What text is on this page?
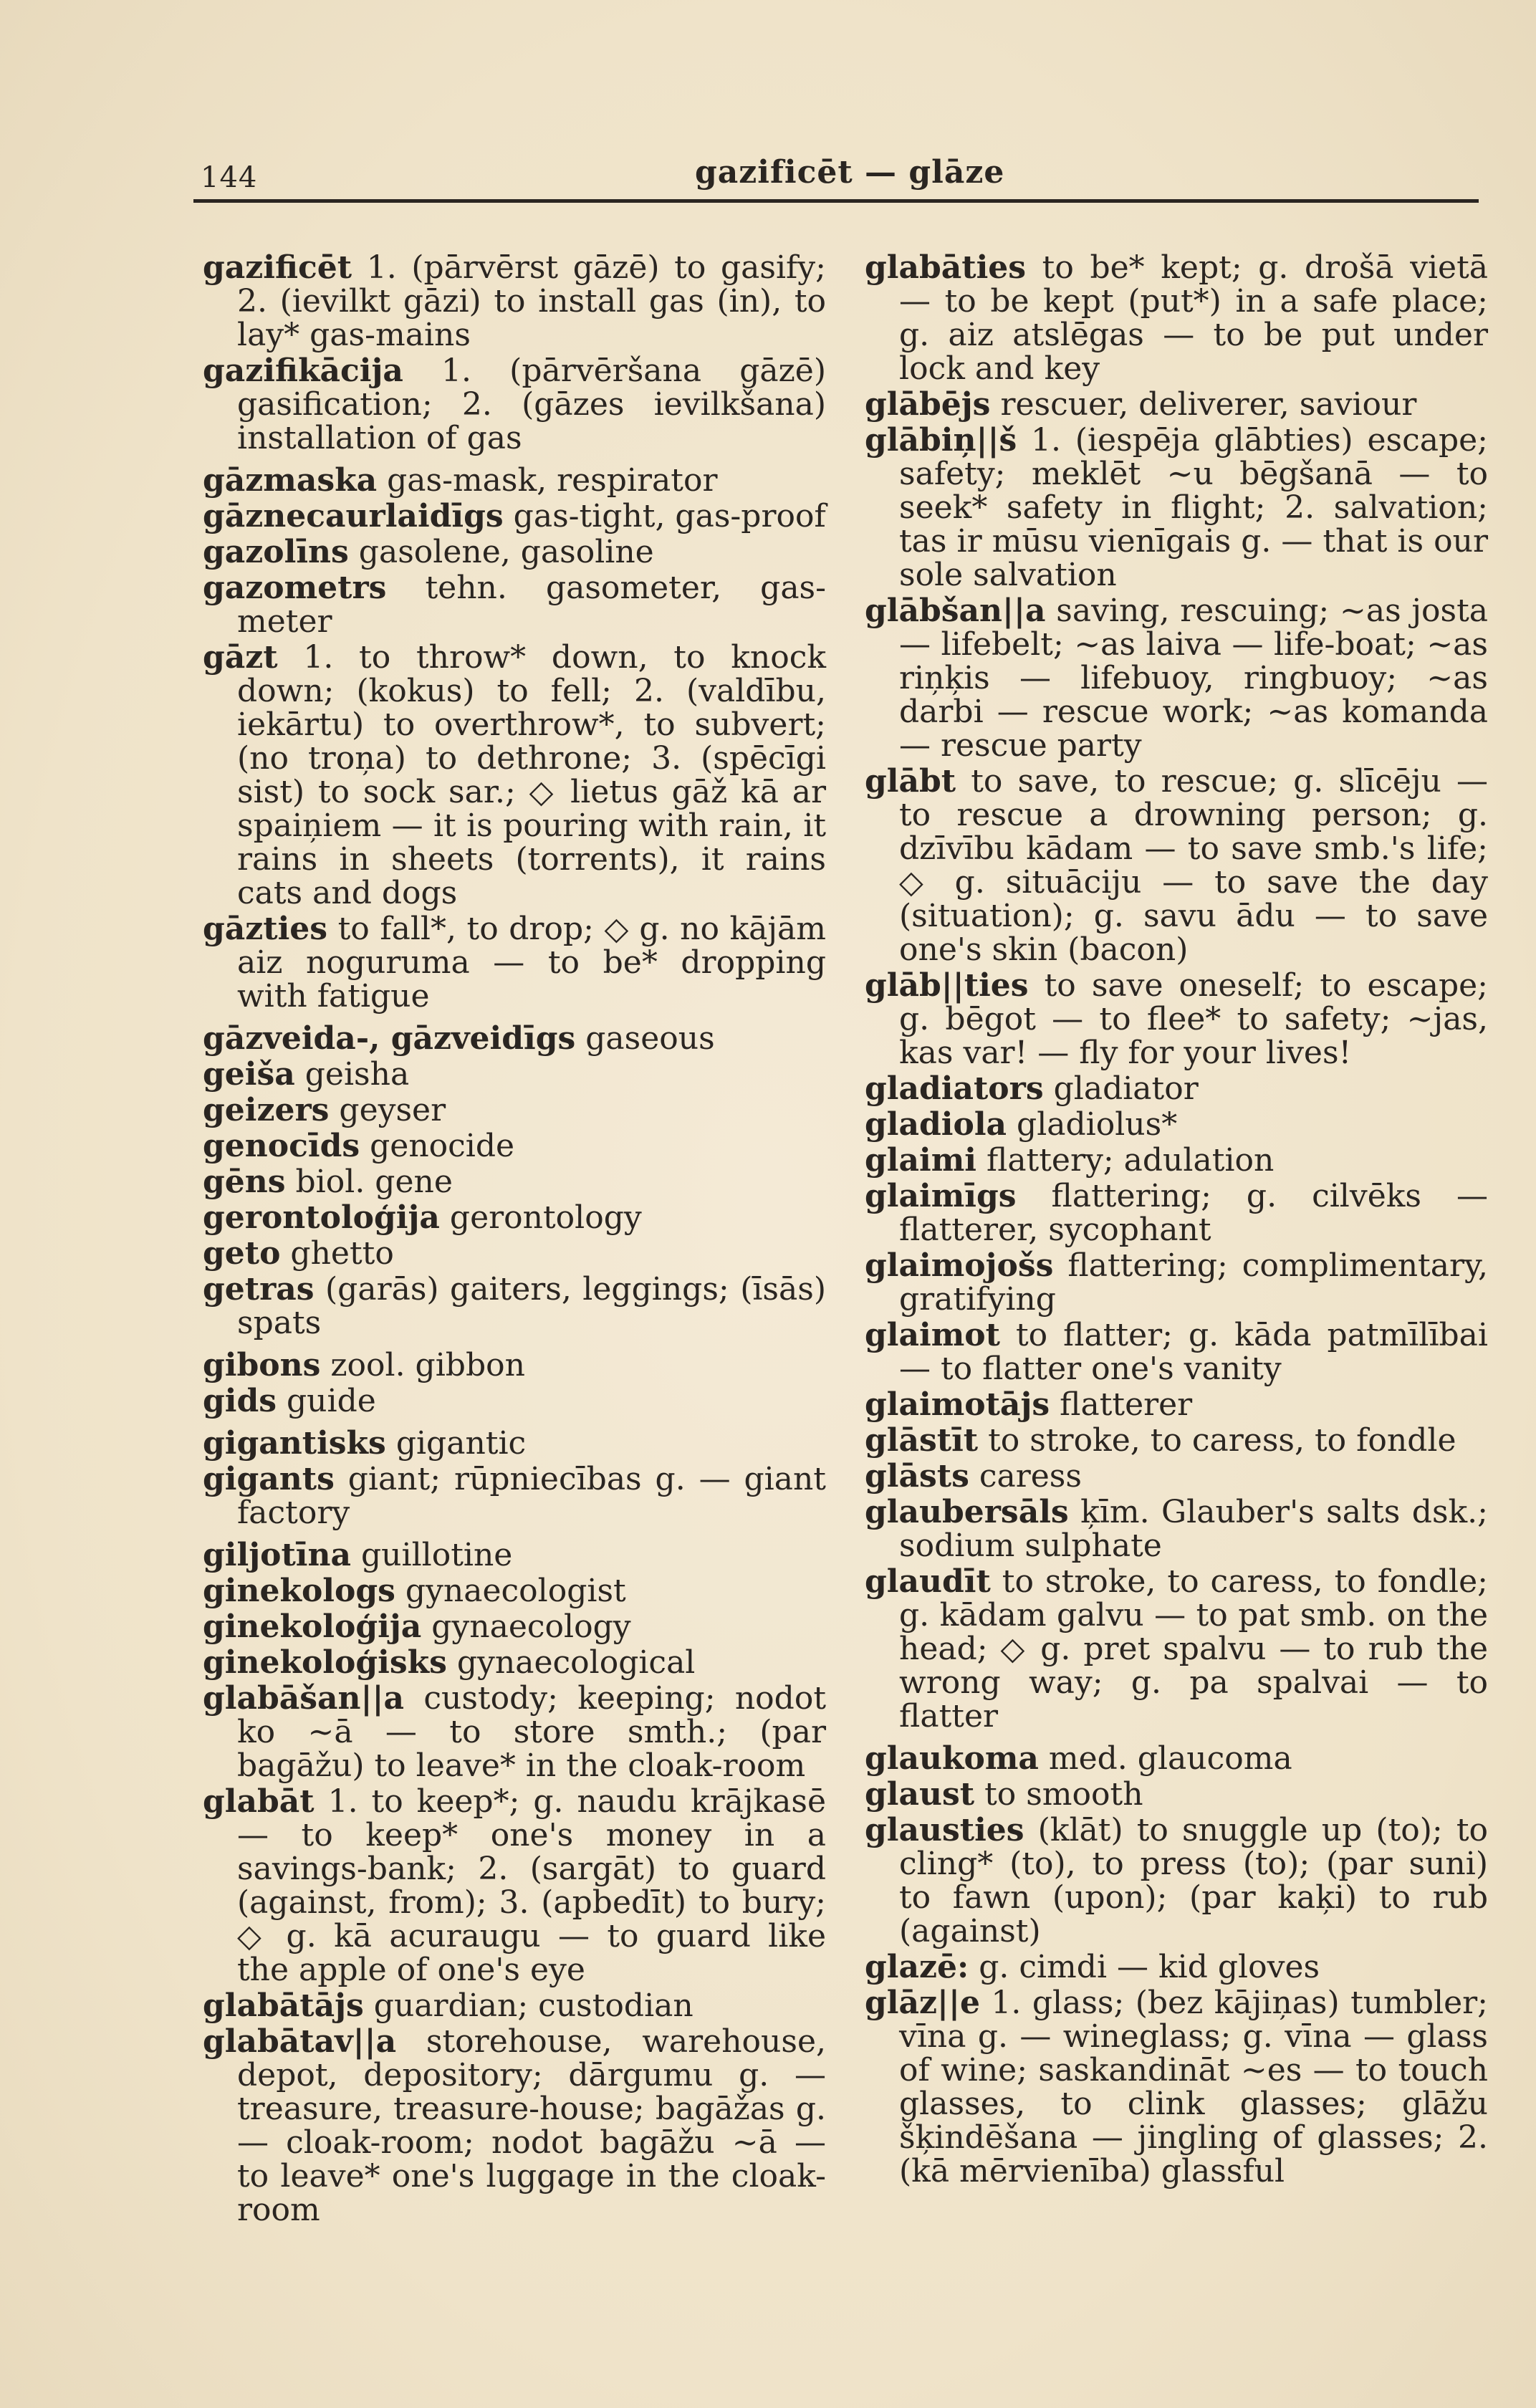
144	gazificēt — glāze

gazificēt 1. (pārvērst gāzē) to gasify; 2. (ievilkt gāzi) to install gas (in), to lay* gas-mains

gazifikācija 1. (pārvēršana gāzē) gasification; 2. (gāzes ievilkšana) installation of gas

gāzmaska gas-mask, respirator

gāznecaurlaidīgs gas-tight, gas-proof

gazolīns gasolene, gasoline

gazometrs tehn. gasometer, gas-meter

gāzt 1. to throw* down, to knock down; (kokus) to fell; 2. (valdību, iekārtu) to overthrow*, to subvert; (no troņa) to dethrone; 3. (spēcīgi sist) to sock sar.; ◇ lietus gāž kā ar spaiņiem — it is pouring with rain, it rains in sheets (torrents), it rains cats and dogs

gāzties to fall*, to drop; ◇ g. no kājām aiz noguruma — to be* dropping with fatigue

gāzveida-, gāzveidīgs gaseous

geiša geisha

geizers geyser

genocīds genocide

gēns biol. gene

gerontoloģija gerontology

geto ghetto

getras (garās) gaiters, leggings; (īsās) spats

gibons zool. gibbon

gids guide

gigantisks gigantic

gigants giant; rūpniecības g. — giant factory

giljotīna guillotine

ginekologs gynaecologist

ginekoloģija gynaecology

ginekoloģisks gynaecological

glabāšan||a custody; keeping; nodot ko ~ā — to store smth.; (par bagāžu) to leave* in the cloak-room

glabāt 1. to keep*; g. naudu krājkasē — to keep* one's money in a savings-bank; 2. (sargāt) to guard (against, from); 3. (apbedīt) to bury; ◇ g. kā acuraugu — to guard like the apple of one's eye

glabātājs guardian; custodian

glabātav||a storehouse, warehouse, depot, depository; dārgumu g. — treasure, treasure-house; bagāžas g. — cloak-room; nodot bagāžu ~ā — to leave* one's luggage in the cloak-room

glabāties to be* kept; g. drošā vietā — to be kept (put*) in a safe place; g. aiz atslēgas — to be put under lock and key

glābējs rescuer, deliverer, saviour

glābiņ||š 1. (iespēja glābties) escape; safety; meklēt ~u bēgšanā — to seek* safety in flight; 2. salvation; tas ir mūsu vienīgais g. — that is our sole salvation

glābšan||a saving, rescuing; ~as josta — lifebelt; ~as laiva — life-boat; ~as riņķis — lifebuoy, ringbuoy; ~as darbi — rescue work; ~as komanda — rescue party

glābt to save, to rescue; g. slīcēju — to rescue a drowning person; g. dzīvību kādam — to save smb.'s life; ◇ g. situāciju — to save the day (situation); g. savu ādu — to save one's skin (bacon)

glāb||ties to save oneself; to escape; g. bēgot — to flee* to safety; ~jas, kas var! — fly for your lives!

gladiators gladiator

gladiola gladiolus*

glaimi flattery; adulation

glaimīgs flattering; g. cilvēks — flatterer, sycophant

glaimojošs flattering; complimentary, gratifying

glaimot to flatter; g. kāda patmīlībai — to flatter one's vanity

glaimotājs flatterer

glāstīt to stroke, to caress, to fondle

glāsts caress

glaubersāls ķīm. Glauber's salts dsk.; sodium sulphate

glaudīt to stroke, to caress, to fondle; g. kādam galvu — to pat smb. on the head; ◇ g. pret spalvu — to rub the wrong way; g. pa spalvai — to flatter

glaukoma med. glaucoma

glaust to smooth

glausties (klāt) to snuggle up (to); to cling* (to), to press (to); (par suni) to fawn (upon); (par kaķi) to rub (against)

glazē: g. cimdi — kid gloves

glāz||e 1. glass; (bez kājiņas) tumbler; vīna g. — wineglass; g. vīna — glass of wine; saskandināt ~es — to touch glasses, to clink glasses; glāžu šķindēšana — jingling of glasses; 2. (kā mērvienība) glassful
